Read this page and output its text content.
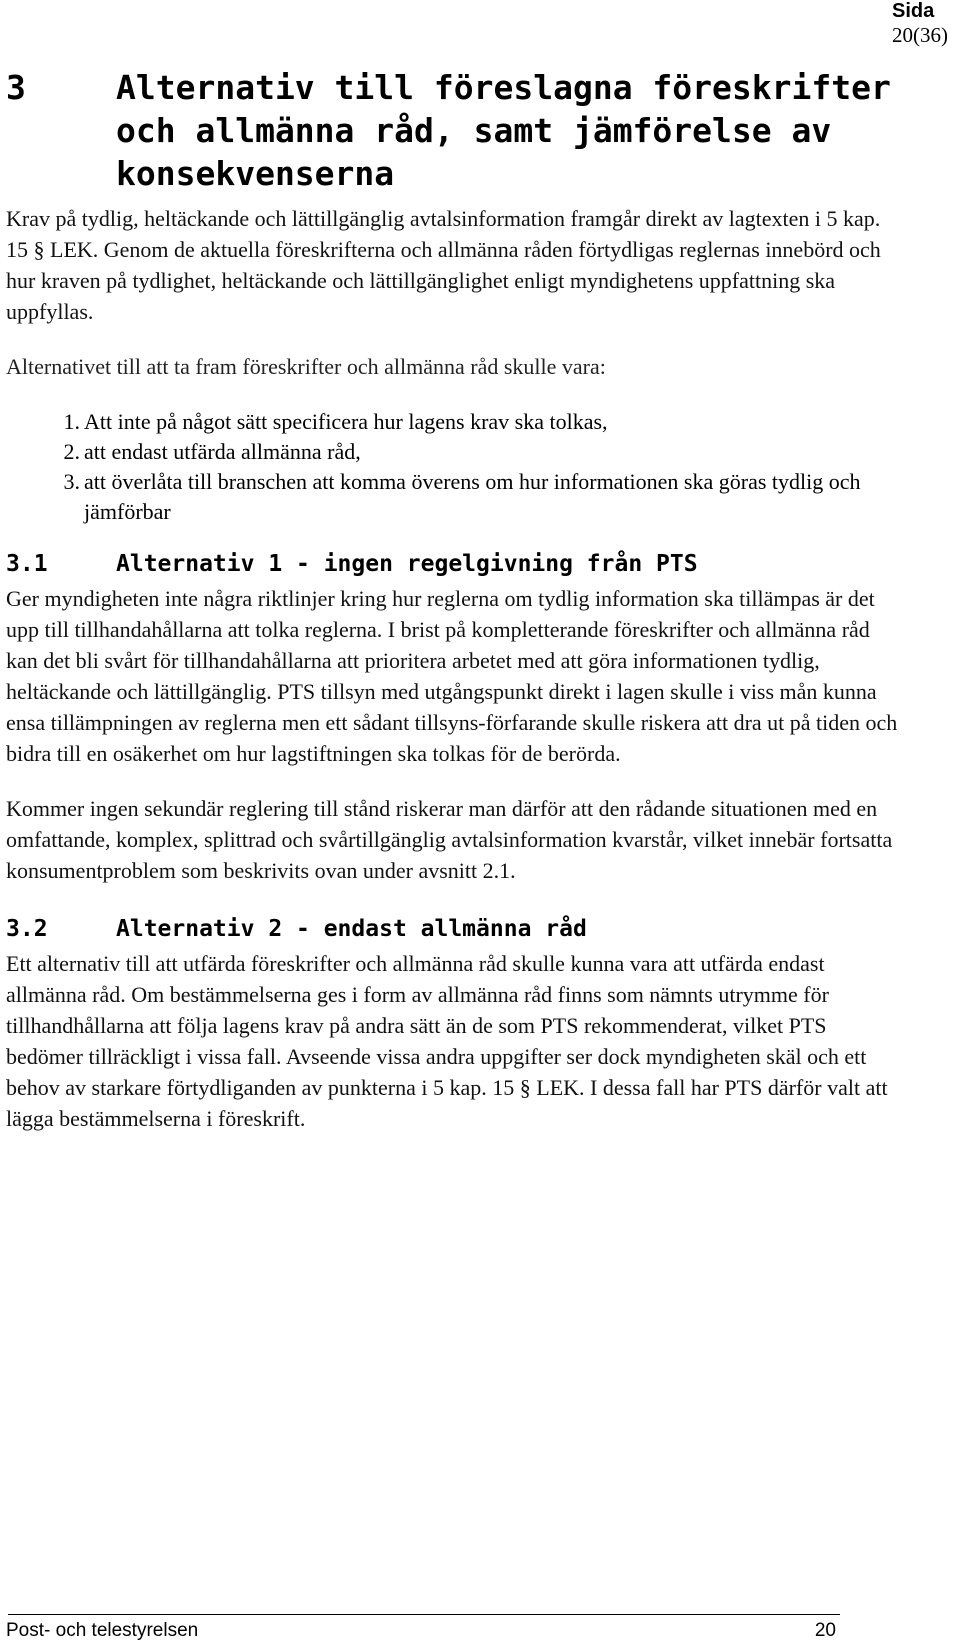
Sida
20(36)
3	Alternativ till föreslagna föreskrifter och allmänna råd, samt jämförelse av konsekvenserna

Krav på tydlig, heltäckande och lättillgänglig avtalsinformation framgår direkt av lagtexten i 5 kap. 15 § LEK. Genom de aktuella föreskrifterna och allmänna råden förtydligas reglernas innebörd och hur kraven på tydlighet, heltäckande och lättillgänglighet enligt myndighetens uppfattning ska uppfyllas.

Alternativet till att ta fram föreskrifter och allmänna råd skulle vara:

1. Att inte på något sätt specificera hur lagens krav ska tolkas,
2. att endast utfärda allmänna råd,
3. att överlåta till branschen att komma överens om hur informationen ska göras tydlig och jämförbar
3.1	Alternativ 1 - ingen regelgivning från PTS

Ger myndigheten inte några riktlinjer kring hur reglerna om tydlig information ska tillämpas är det upp till tillhandahållarna att tolka reglerna. I brist på kompletterande föreskrifter och allmänna råd kan det bli svårt för tillhandahållarna att prioritera arbetet med att göra informationen tydlig, heltäckande och lättillgänglig. PTS tillsyn med utgångspunkt direkt i lagen skulle i viss mån kunna ensa tillämpningen av reglerna men ett sådant tillsyns-förfarande skulle riskera att dra ut på tiden och bidra till en osäkerhet om hur lagstiftningen ska tolkas för de berörda.

Kommer ingen sekundär reglering till stånd riskerar man därför att den rådande situationen med en omfattande, komplex, splittrad och svårtillgänglig avtalsinformation kvarstår, vilket innebär fortsatta konsumentproblem som beskrivits ovan under avsnitt 2.1.

3.2	Alternativ 2 - endast allmänna råd

Ett alternativ till att utfärda föreskrifter och allmänna råd skulle kunna vara att utfärda endast allmänna råd. Om bestämmelserna ges i form av allmänna råd finns som nämnts utrymme för tillhandhållarna att följa lagens krav på andra sätt än de som PTS rekommenderat, vilket PTS bedömer tillräckligt i vissa fall. Avseende vissa andra uppgifter ser dock myndigheten skäl och ett behov av starkare förtydliganden av punkterna i 5 kap. 15 § LEK. I dessa fall har PTS därför valt att lägga bestämmelserna i föreskrift.

Post- och telestyrelsen	20
